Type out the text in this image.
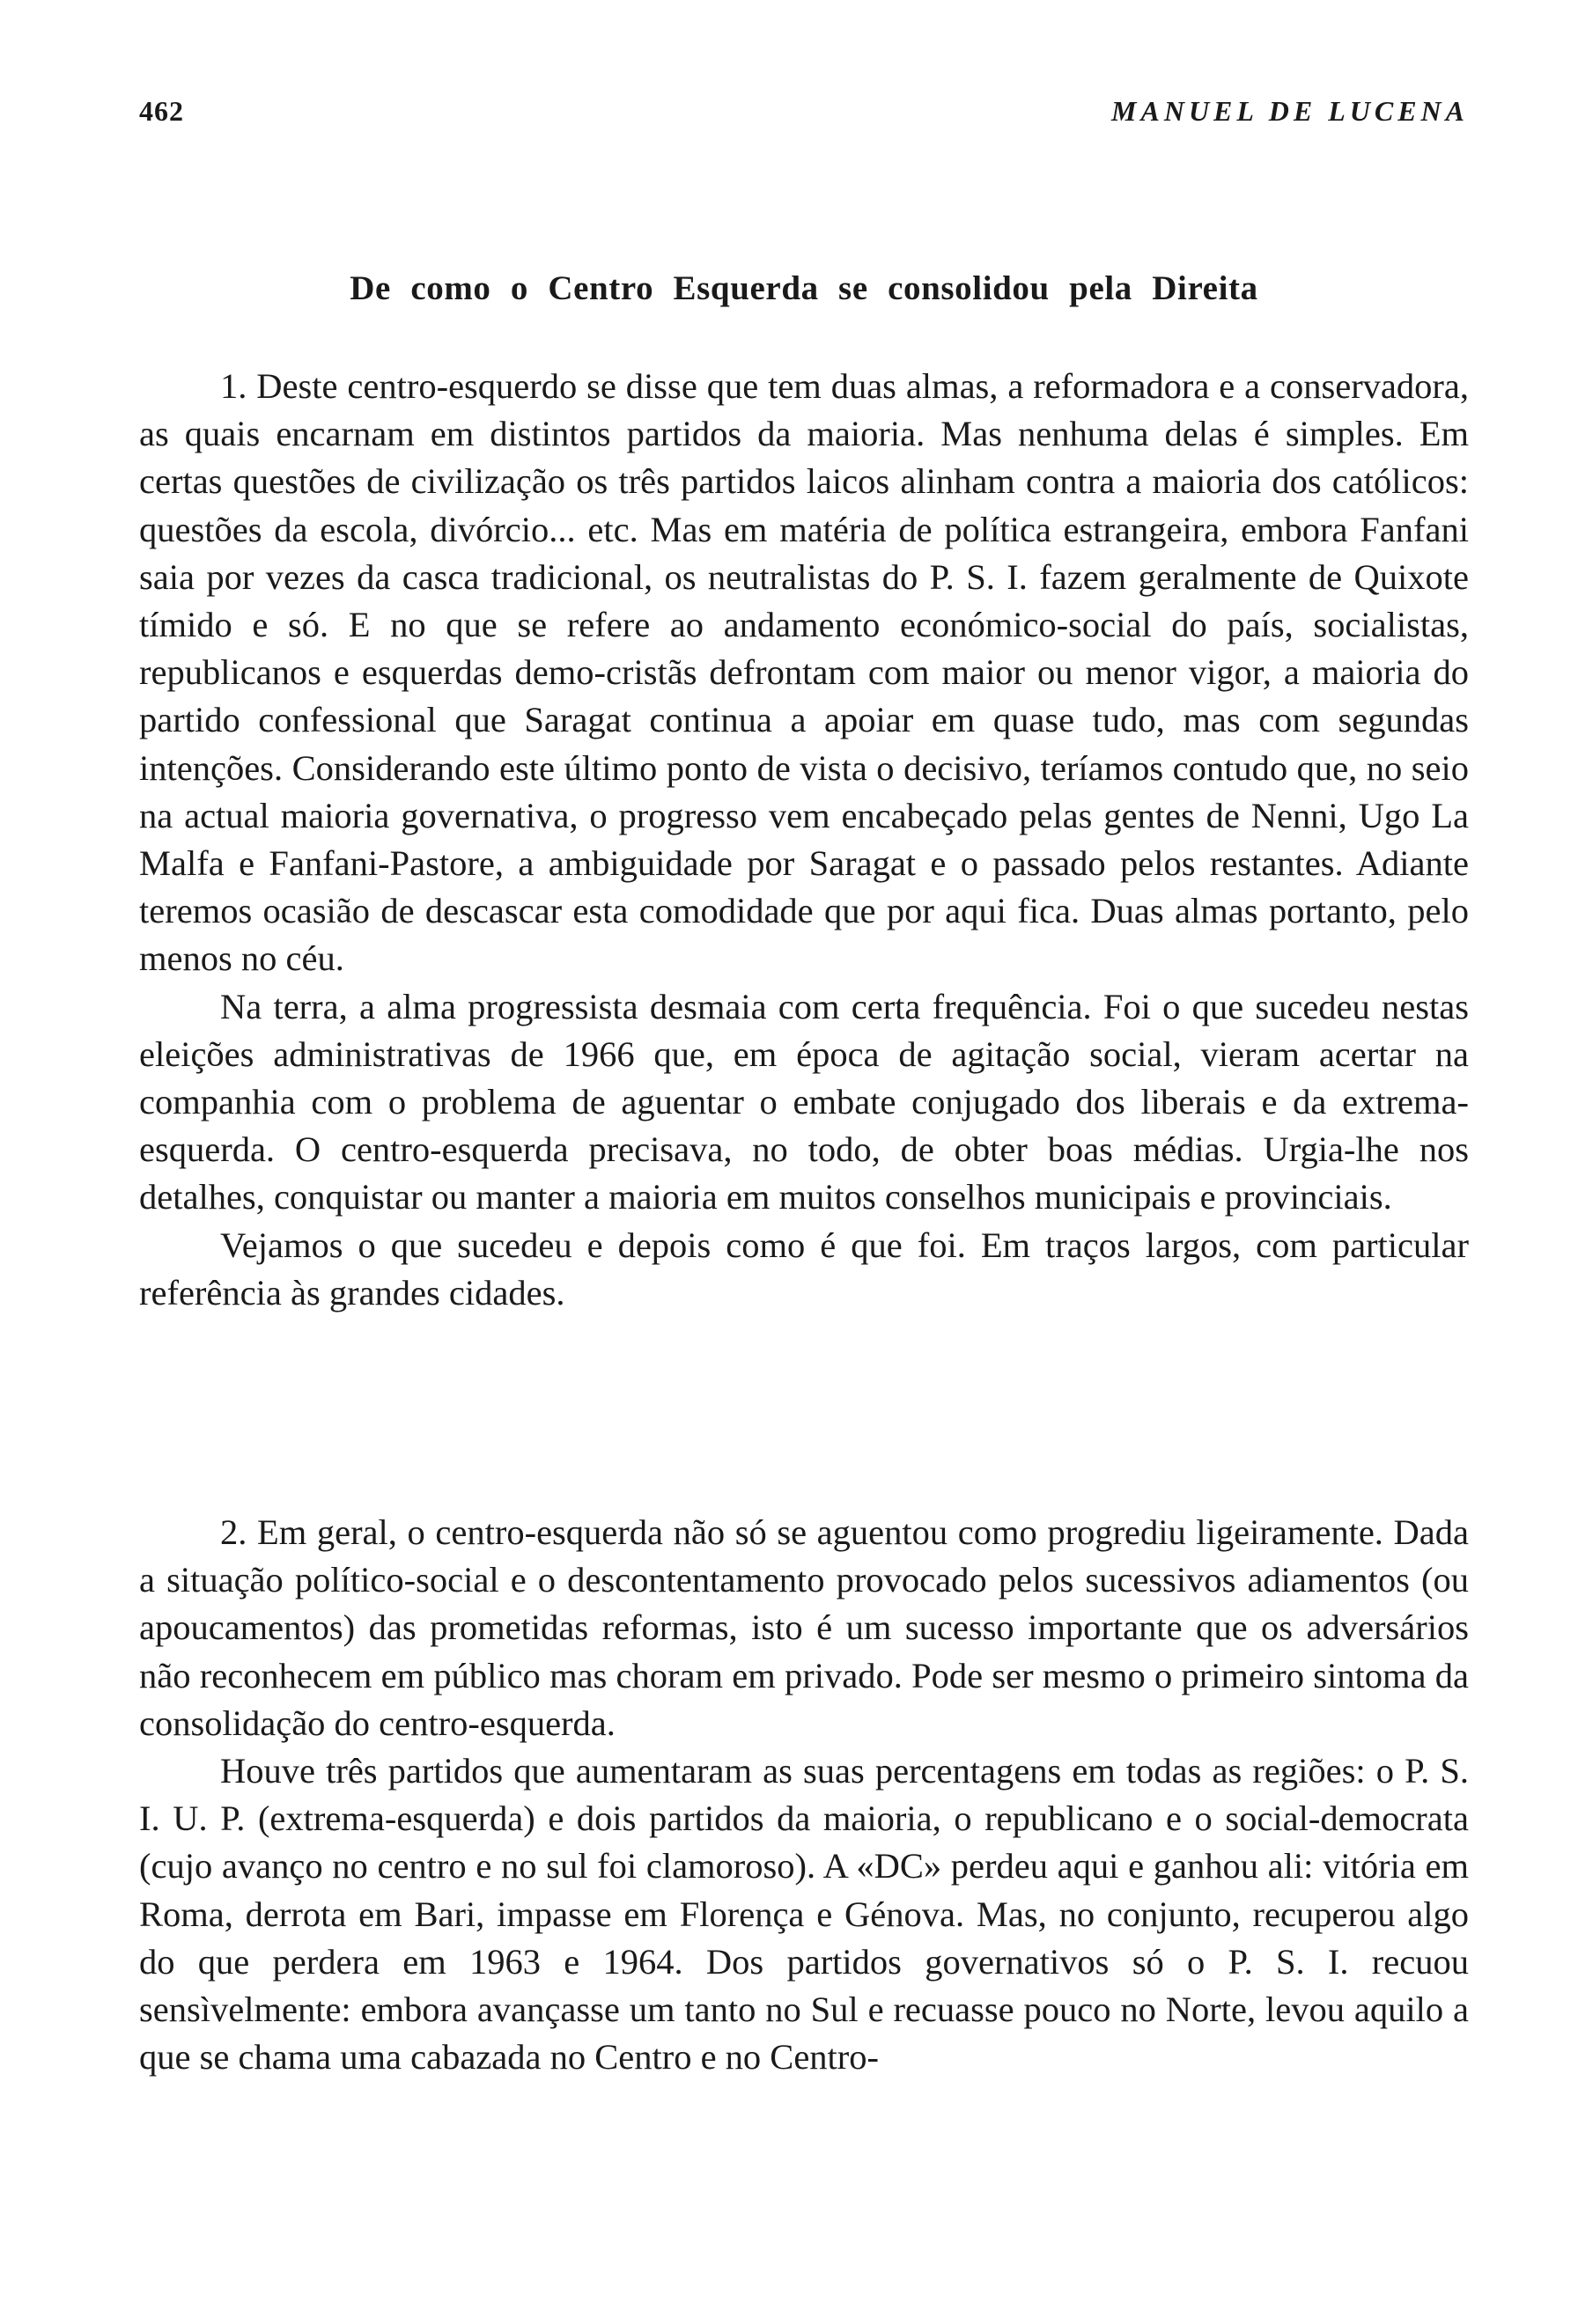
462	MANUEL DE LUCENA
De como o Centro Esquerda se consolidou pela Direita

1. Deste centro-esquerdo se disse que tem duas almas, a reformadora e a conservadora, as quais encarnam em distintos partidos da maioria. Mas nenhuma delas é simples. Em certas questões de civilização os três partidos laicos alinham contra a maioria dos católicos: questões da escola, divórcio... etc. Mas em matéria de política estrangeira, embora Fanfani saia por vezes da casca tradicional, os neutralistas do P. S. I. fazem geralmente de Quixote tímido e só. E no que se refere ao andamento económico-social do país, socialistas, republicanos e esquerdas demo-cristãs defrontam com maior ou menor vigor, a maioria do partido confessional que Saragat continua a apoiar em quase tudo, mas com segundas intenções. Considerando este último ponto de vista o decisivo, teríamos contudo que, no seio na actual maioria governativa, o progresso vem encabeçado pelas gentes de Nenni, Ugo La Malfa e Fanfani-Pastore, a ambiguidade por Saragat e o passado pelos restantes. Adiante teremos ocasião de descascar esta comodidade que por aqui fica. Duas almas portanto, pelo menos no céu.

Na terra, a alma progressista desmaia com certa frequência. Foi o que sucedeu nestas eleições administrativas de 1966 que, em época de agitação social, vieram acertar na companhia com o problema de aguentar o embate conjugado dos liberais e da extrema-esquerda. O centro-esquerda precisava, no todo, de obter boas médias. Urgia-lhe nos detalhes, conquistar ou manter a maioria em muitos conselhos municipais e provinciais.

Vejamos o que sucedeu e depois como é que foi. Em traços largos, com particular referência às grandes cidades.

2. Em geral, o centro-esquerda não só se aguentou como progrediu ligeiramente. Dada a situação político-social e o descontentamento provocado pelos sucessivos adiamentos (ou apoucamentos) das prometidas reformas, isto é um sucesso importante que os adversários não reconhecem em público mas choram em privado. Pode ser mesmo o primeiro sintoma da consolidação do centro-esquerda.

Houve três partidos que aumentaram as suas percentagens em todas as regiões: o P. S. I. U. P. (extrema-esquerda) e dois partidos da maioria, o republicano e o social-democrata (cujo avanço no centro e no sul foi clamoroso). A «DC» perdeu aqui e ganhou ali: vitória em Roma, derrota em Bari, impasse em Florença e Génova. Mas, no conjunto, recuperou algo do que perdera em 1963 e 1964. Dos partidos governativos só o P. S. I. recuou sensìvelmente: embora avançasse um tanto no Sul e recuasse pouco no Norte, levou aquilo a que se chama uma cabazada no Centro e no Centro-
